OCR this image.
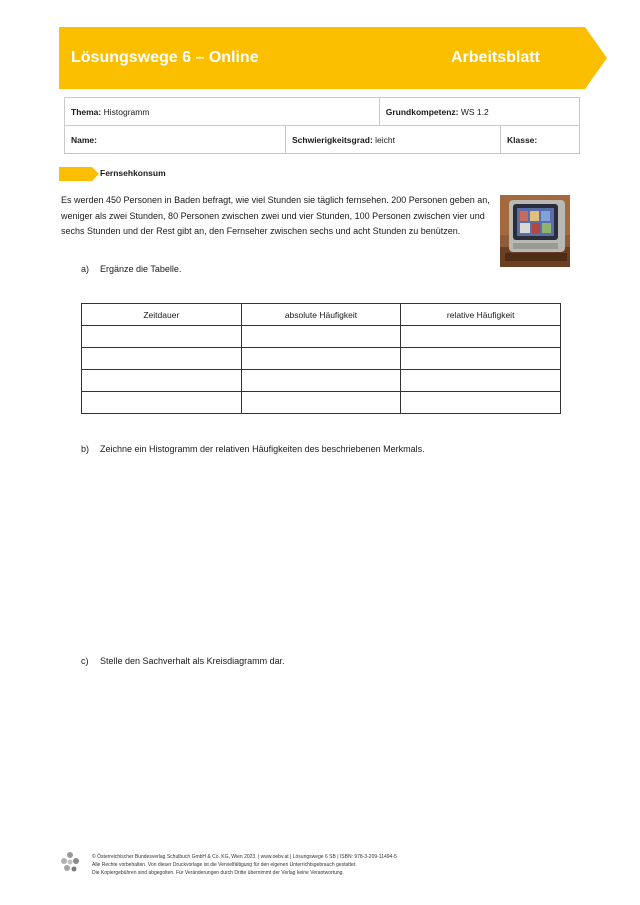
Lösungswege 6 – Online	Arbeitsblatt
Thema: Histogramm		Grundkompetenz: WS 1.2	
Name:	Schwierigkeitsgrad: leicht		Klasse:
Fernsehkonsum

Es werden 450 Personen in Baden befragt, wie viel Stunden sie täglich fernsehen. 200 Personen geben an, weniger als zwei Stunden, 80 Personen zwischen zwei und vier Stunden, 100 Personen zwischen vier und sechs Stunden und der Rest gibt an, den Fernseher zwischen sechs und acht Stunden zu benützen.

a) Ergänze die Tabelle.
Zeitdauer	absolute Häufigkeit	relative Häufigkeit

b) Zeichne ein Histogramm der relativen Häufigkeiten des beschriebenen Merkmals.
c) Stelle den Sachverhalt als Kreisdiagramm dar.
© Österreichischer Bundesverlag Schulbuch GmbH & Co. KG, Wien 2023. | www.oebv.at | Lösungswege 6 SB | ISBN: 978-3-209-11494-5
Alle Rechte vorbehalten. Von dieser Druckvorlage ist die Vervielfältigung für den eigenen Unterrichtsgebrauch gestattet.
Die Kopiergebühren sind abgegolten. Für Veränderungen durch Dritte übernimmt der Verlag keine Verantwortung.
